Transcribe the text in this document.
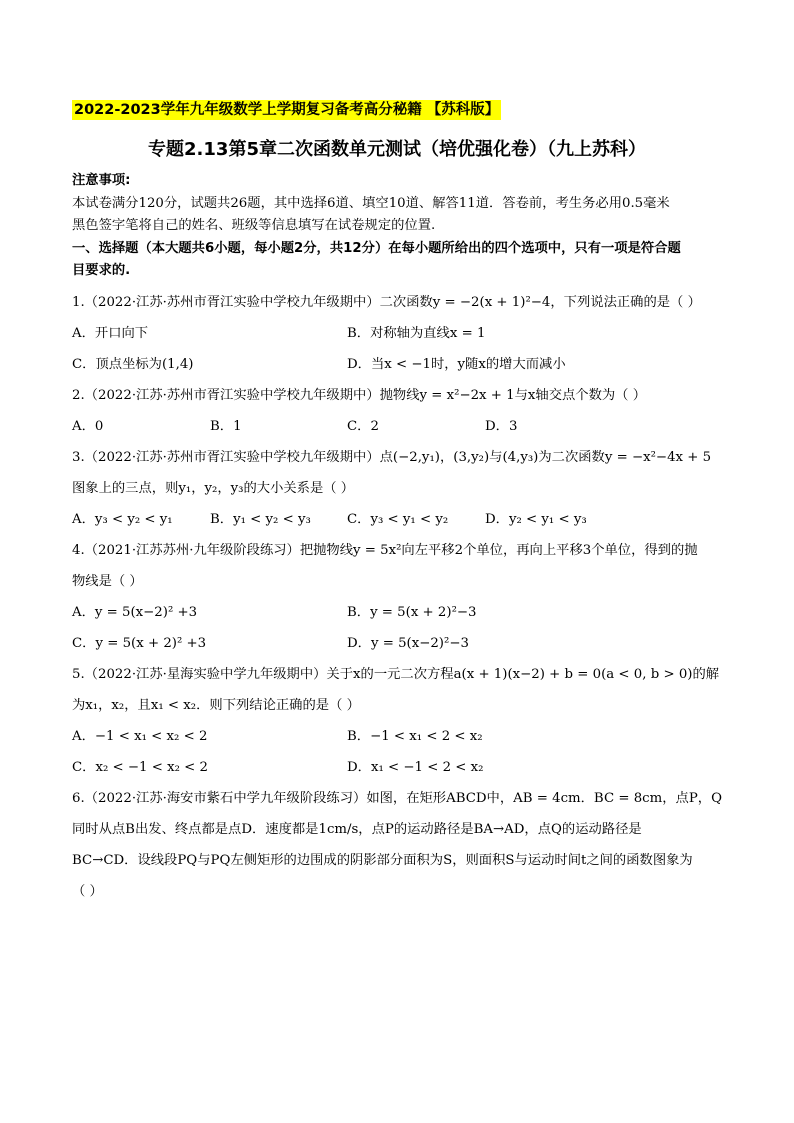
2022-2023学年九年级数学上学期复习备考高分秘籍 【苏科版】
专题2.13第5章二次函数单元测试（培优强化卷）（九上苏科）
注意事项:
本试卷满分120分，试题共26题，其中选择6道、填空10道、解答11道．答卷前，考生务必用0.5毫米
黑色签字笔将自己的姓名、班级等信息填写在试卷规定的位置.
一、选择题（本大题共6小题，每小题2分，共12分）在每小题所给出的四个选项中，只有一项是符合题
目要求的.
1.（2022·江苏·苏州市胥江实验中学校九年级期中）二次函数y = −2(x + 1)²−4，下列说法正确的是（ ）
A．开口向下	B．对称轴为直线x = 1
C．顶点坐标为(1,4)	D．当x < −1时，y随x的增大而减小
2.（2022·江苏·苏州市胥江实验中学校九年级期中）抛物线y = x²−2x + 1与x轴交点个数为（ ）
A．0	B．1	C．2	D．3
3.（2022·江苏·苏州市胥江实验中学校九年级期中）点(−2,y₁)，(3,y₂)与(4,y₃)为二次函数y = −x²−4x + 5
图象上的三点，则y₁，y₂，y₃的大小关系是（ ）
A．y₃ < y₂ < y₁	B．y₁ < y₂ < y₃	C．y₃ < y₁ < y₂	D．y₂ < y₁ < y₃
4.（2021·江苏苏州·九年级阶段练习）把抛物线y = 5x²向左平移2个单位，再向上平移3个单位，得到的抛
物线是（ ）
A．y = 5(x−2)² +3	B．y = 5(x + 2)²−3
C．y = 5(x + 2)² +3	D．y = 5(x−2)²−3
5.（2022·江苏·星海实验中学九年级期中）关于x的一元二次方程a(x + 1)(x−2) + b = 0(a < 0, b > 0)的解
为x₁，x₂，且x₁ < x₂．则下列结论正确的是（ ）
A．−1 < x₁ < x₂ < 2	B．−1 < x₁ < 2 < x₂
C．x₂ < −1 < x₂ < 2	D．x₁ < −1 < 2 < x₂
6.（2022·江苏·海安市紫石中学九年级阶段练习）如图，在矩形ABCD中，AB = 4cm．BC = 8cm，点P，Q
同时从点B出发、终点都是点D．速度都是1cm/s，点P的运动路径是BA→AD，点Q的运动路径是
BC→CD．设线段PQ与PQ左侧矩形的边围成的阴影部分面积为S，则面积S与运动时间t之间的函数图象为
（ ）
